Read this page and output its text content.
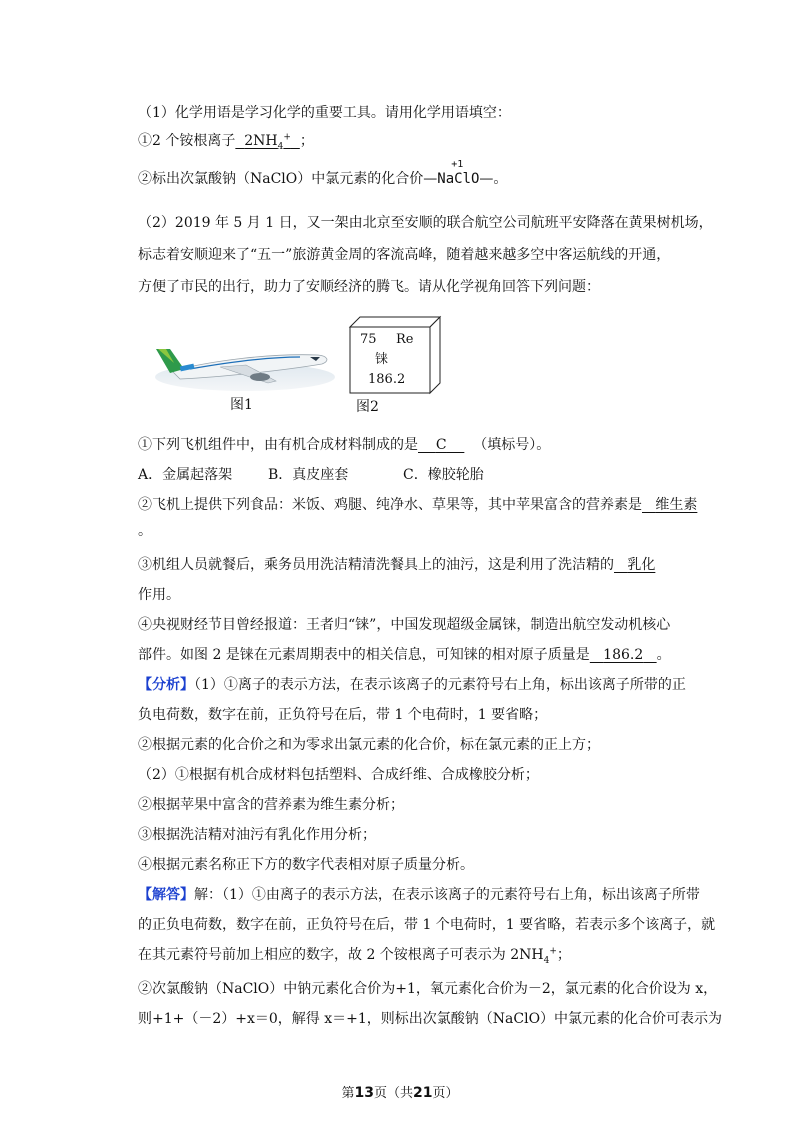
（1）化学用语是学习化学的重要工具。请用化学用语填空：
①2 个铵根离子 $2NH_4^+$ ；
②标出次氯酸钠（NaClO）中氯元素的化合价—NaClO—
+1
。
（2）2019 年 5 月 1 日，又一架由北京至安顺的联合航空公司航班平安降落在黄果树机场，
标志着安顺迎来了“五一”旅游黄金周的客流高峰，随着越来越多空中客运航线的开通，
方便了市民的出行，助力了安顺经济的腾飞。请从化学视角回答下列问题：
图1
75	Re
铼
186.2
图2
①下列飞机组件中，由有机合成材料制成的是 C （填标号）。
A．金属起落架	B．真皮座套	C．橡胶轮胎
②飞机上提供下列食品：米饭、鸡腿、纯净水、草果等，其中苹果富含的营养素是 维生素
。
③机组人员就餐后，乘务员用洗洁精清洗餐具上的油污，这是利用了洗洁精的 乳化
作用。
④央视财经节目曾经报道：王者归“铼”，中国发现超级金属铼，制造出航空发动机核心
部件。如图 2 是铼在元素周期表中的相关信息，可知铼的相对原子质量是 186.2 。
【分析】（1）①离子的表示方法，在表示该离子的元素符号右上角，标出该离子所带的正
负电荷数，数字在前，正负符号在后，带 1 个电荷时，1 要省略；
②根据元素的化合价之和为零求出氯元素的化合价，标在氯元素的正上方；
（2）①根据有机合成材料包括塑料、合成纤维、合成橡胶分析；
②根据苹果中富含的营养素为维生素分析；
③根据洗洁精对油污有乳化作用分析；
④根据元素名称正下方的数字代表相对原子质量分析。
【解答】解：（1）①由离子的表示方法，在表示该离子的元素符号右上角，标出该离子所带
的正负电荷数，数字在前，正负符号在后，带 1 个电荷时，1 要省略，若表示多个该离子，就
在其元素符号前加上相应的数字，故 2 个铵根离子可表示为 $2NH_4^+$；
②次氯酸钠（NaClO）中钠元素化合价为+1，氧元素化合价为－2，氯元素的化合价设为 x，
则+1+（－2）+x＝0，解得 x＝+1，则标出次氯酸钠（NaClO）中氯元素的化合价可表示为
第13页（共21页）
